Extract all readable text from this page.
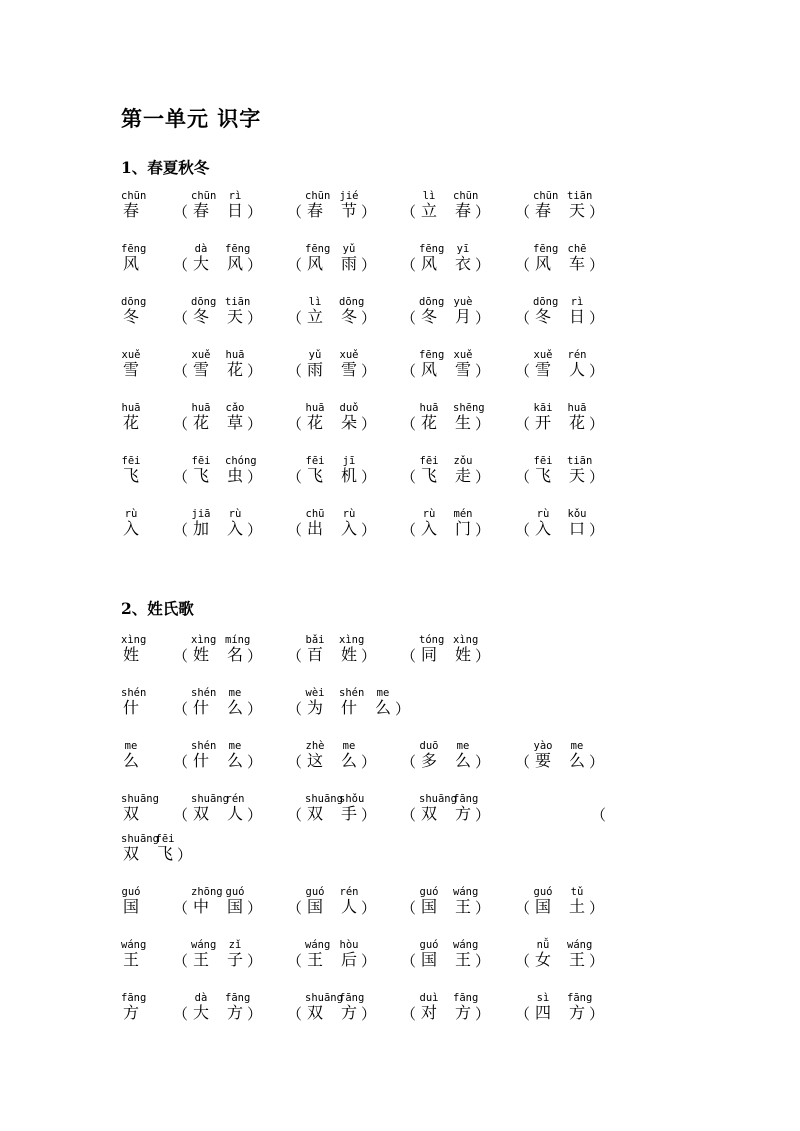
第一单元 识字
1、春夏秋冬
2、姓氏歌
chūn
春 （
chūn
春
rì
日 ） （
chūn
春
jié
节 ） （
lì
立
chūn
春 ） （
chūn
春
tiān
天 ）
fēng
风 （
dà
大
fēng
风 ） （
fēng
风
yǔ
雨 ） （
fēng
风
yī
衣 ） （
fēng
风
chē
车 ）
dōng
冬 （
dōng
冬
tiān
天 ） （
lì
立
dōng
冬 ） （
dōng
冬
yuè
月 ） （
dōng
冬
rì
日 ）
xuě
雪 （
xuě
雪
huā
花 ） （
yǔ
雨
xuě
雪 ） （
fēng
风
xuě
雪 ） （
xuě
雪
rén
人 ）
huā
花 （
huā
花
cǎo
草 ） （
huā
花
duǒ
朵 ） （
huā
花
shēng
生 ） （
kāi
开
huā
花 ）
fēi
飞 （
fēi
飞
chóng
虫 ） （
fēi
飞
jī
机 ） （
fēi
飞
zǒu
走 ） （
fēi
飞
tiān
天 ）
rù
入 （
jiā
加
rù
入 ） （
chū
出
rù
入 ） （
rù
入
mén
门 ） （
rù
入
kǒu
口 ）
xìng
姓 （
xìng
姓
míng
名 ） （
bǎi
百
xìng
姓 ） （
tóng
同
xìng
姓 ）
shén
什 （
shén
什
me
么 ） （
wèi
为
shén
什
me
么 ）
me
么 （
shén
什
me
么 ） （
zhè
这
me
么 ） （
duō
多
me
么 ） （
yào
要
me
么 ）
shuāng
双 （
shuāng
双
rén
人 ） （
shuāng
双
shǒu
手 ） （
shuāng
双
fāng
方 ）	（
shuāng
双
fēi
飞 ）
guó
国 （
zhōng
中
guó
国 ） （
guó
国
rén
人 ） （
guó
国
wáng
王 ） （
guó
国
tǔ
土 ）
wáng
王 （
wáng
王
zǐ
子 ） （
wáng
王
hòu
后 ） （
guó
国
wáng
王 ） （
nǚ
女
wáng
王 ）
fāng
方 （
dà
大
fāng
方 ） （
shuāng
双
fāng
方 ） （
duì
对
fāng
方 ） （
sì
四
fāng
方 ）
